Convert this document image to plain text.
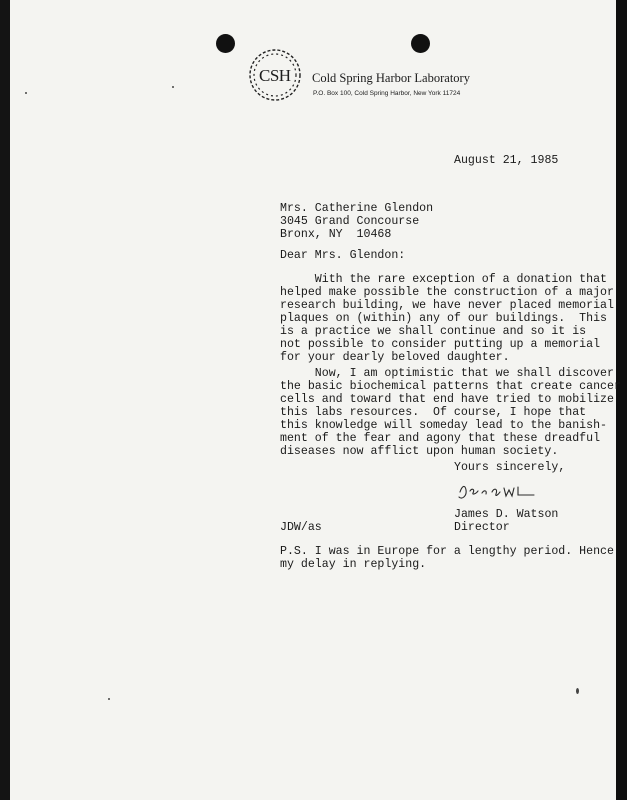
CSH Cold Spring Harbor Laboratory
P.O. Box 100, Cold Spring Harbor, New York 11724
August 21, 1985
Mrs. Catherine Glendon
3045 Grand Concourse
Bronx, NY  10468
Dear Mrs. Glendon:
With the rare exception of a donation that
helped make possible the construction of a major
research building, we have never placed memorial
plaques on (within) any of our buildings.  This
is a practice we shall continue and so it is
not possible to consider putting up a memorial
for your dearly beloved daughter.
Now, I am optimistic that we shall discover
the basic biochemical patterns that create cancer
cells and toward that end have tried to mobilize
this labs resources.  Of course, I hope that
this knowledge will someday lead to the banish-
ment of the fear and agony that these dreadful
diseases now afflict upon human society.
Yours sincerely,
James D. Watson
Director
JDW/as
P.S. I was in Europe for a lengthy period. Hence
my delay in replying.
